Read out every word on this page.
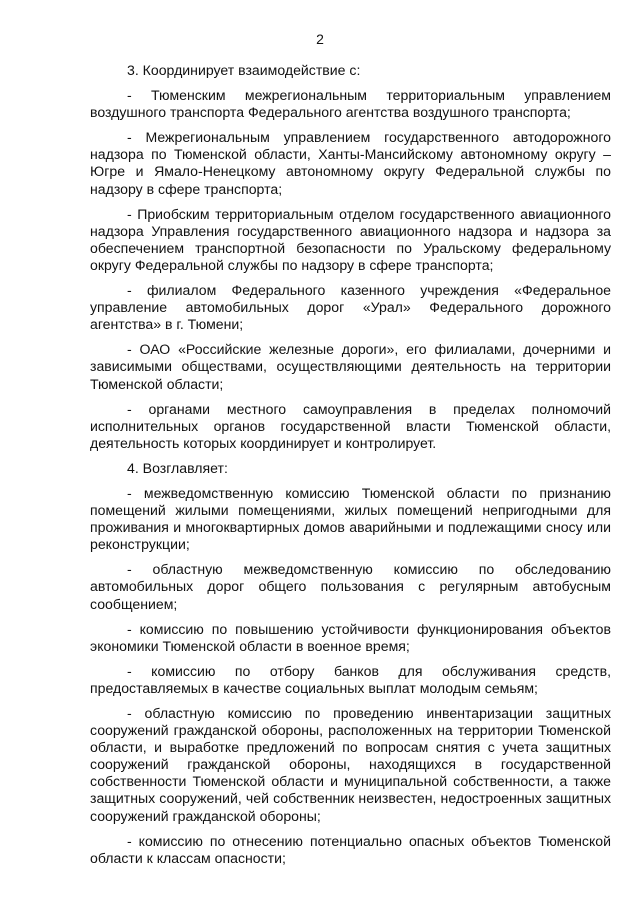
2

3. Координирует взаимодействие с:

- Тюменским межрегиональным территориальным управлением воздушного транспорта Федерального агентства воздушного транспорта;

- Межрегиональным управлением государственного автодорожного надзора по Тюменской области, Ханты-Мансийскому автономному округу – Югре и Ямало-Ненецкому автономному округу Федеральной службы по надзору в сфере транспорта;

- Приобским территориальным отделом государственного авиационного надзора Управления государственного авиационного надзора и надзора за обеспечением транспортной безопасности по Уральскому федеральному округу Федеральной службы по надзору в сфере транспорта;

- филиалом Федерального казенного учреждения «Федеральное управление автомобильных дорог «Урал» Федерального дорожного агентства» в г. Тюмени;

- ОАО «Российские железные дороги», его филиалами, дочерними и зависимыми обществами, осуществляющими деятельность на территории Тюменской области;

- органами местного самоуправления в пределах полномочий исполнительных органов государственной власти Тюменской области, деятельность которых координирует и контролирует.

4. Возглавляет:

- межведомственную комиссию Тюменской области по признанию помещений жилыми помещениями, жилых помещений непригодными для проживания и многоквартирных домов аварийными и подлежащими сносу или реконструкции;

- областную межведомственную комиссию по обследованию автомобильных дорог общего пользования с регулярным автобусным сообщением;

- комиссию по повышению устойчивости функционирования объектов экономики Тюменской области в военное время;

- комиссию по отбору банков для обслуживания средств, предоставляемых в качестве социальных выплат молодым семьям;

- областную комиссию по проведению инвентаризации защитных сооружений гражданской обороны, расположенных на территории Тюменской области, и выработке предложений по вопросам снятия с учета защитных сооружений гражданской обороны, находящихся в государственной собственности Тюменской области и муниципальной собственности, а также защитных сооружений, чей собственник неизвестен, недостроенных защитных сооружений гражданской обороны;

- комиссию по отнесению потенциально опасных объектов Тюменской области к классам опасности;
